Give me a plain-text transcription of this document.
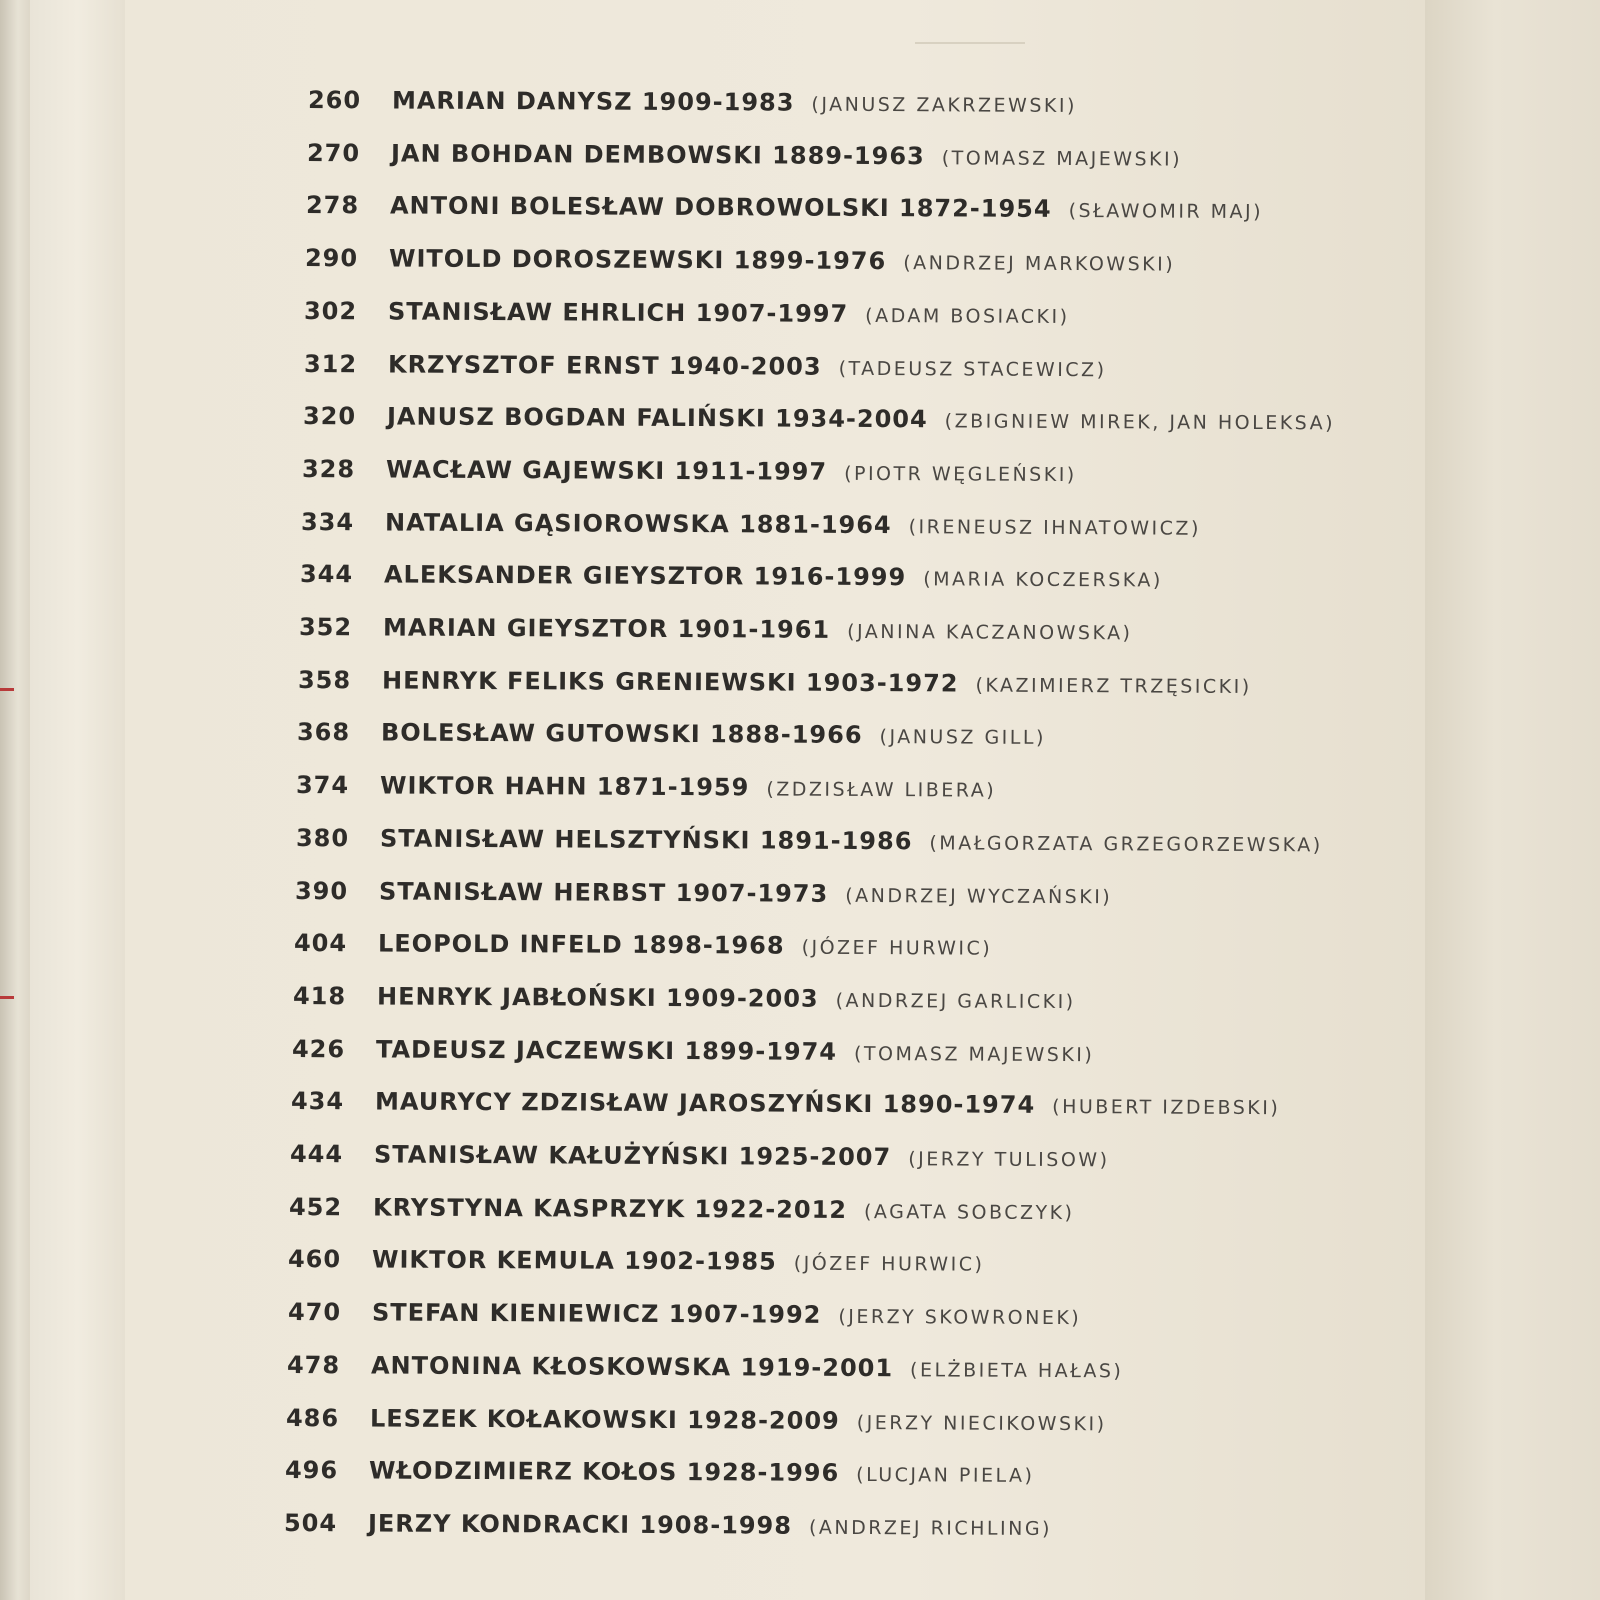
260	MARIAN DANYSZ 1909-1983 (JANUSZ ZAKRZEWSKI)
270	JAN BOHDAN DEMBOWSKI 1889-1963 (TOMASZ MAJEWSKI)
278	ANTONI BOLESŁAW DOBROWOLSKI 1872-1954 (SŁAWOMIR MAJ)
290	WITOLD DOROSZEWSKI 1899-1976 (ANDRZEJ MARKOWSKI)
302	STANISŁAW EHRLICH 1907-1997 (ADAM BOSIACKI)
312	KRZYSZTOF ERNST 1940-2003 (TADEUSZ STACEWICZ)
320	JANUSZ BOGDAN FALIŃSKI 1934-2004 (ZBIGNIEW MIREK, JAN HOLEKSA)
328	WACŁAW GAJEWSKI 1911-1997 (PIOTR WĘGLEŃSKI)
334	NATALIA GĄSIOROWSKA 1881-1964 (IRENEUSZ IHNATOWICZ)
344	ALEKSANDER GIEYSZTOR 1916-1999 (MARIA KOCZERSKA)
352	MARIAN GIEYSZTOR 1901-1961 (JANINA KACZANOWSKA)
358	HENRYK FELIKS GRENIEWSKI 1903-1972 (KAZIMIERZ TRZĘSICKI)
368	BOLESŁAW GUTOWSKI 1888-1966 (JANUSZ GILL)
374	WIKTOR HAHN 1871-1959 (ZDZISŁAW LIBERA)
380	STANISŁAW HELSZTYŃSKI 1891-1986 (MAŁGORZATA GRZEGORZEWSKA)
390	STANISŁAW HERBST 1907-1973 (ANDRZEJ WYCZAŃSKI)
404	LEOPOLD INFELD 1898-1968 (JÓZEF HURWIC)
418	HENRYK JABŁOŃSKI 1909-2003 (ANDRZEJ GARLICKI)
426	TADEUSZ JACZEWSKI 1899-1974 (TOMASZ MAJEWSKI)
434	MAURYCY ZDZISŁAW JAROSZYŃSKI 1890-1974 (HUBERT IZDEBSKI)
444	STANISŁAW KAŁUŻYŃSKI 1925-2007 (JERZY TULISOW)
452	KRYSTYNA KASPRZYK 1922-2012 (AGATA SOBCZYK)
460	WIKTOR KEMULA 1902-1985 (JÓZEF HURWIC)
470	STEFAN KIENIEWICZ 1907-1992 (JERZY SKOWRONEK)
478	ANTONINA KŁOSKOWSKA 1919-2001 (ELŻBIETA HAŁAS)
486	LESZEK KOŁAKOWSKI 1928-2009 (JERZY NIECIKOWSKI)
496	WŁODZIMIERZ KOŁOS 1928-1996 (LUCJAN PIELA)
504	JERZY KONDRACKI 1908-1998 (ANDRZEJ RICHLING)
